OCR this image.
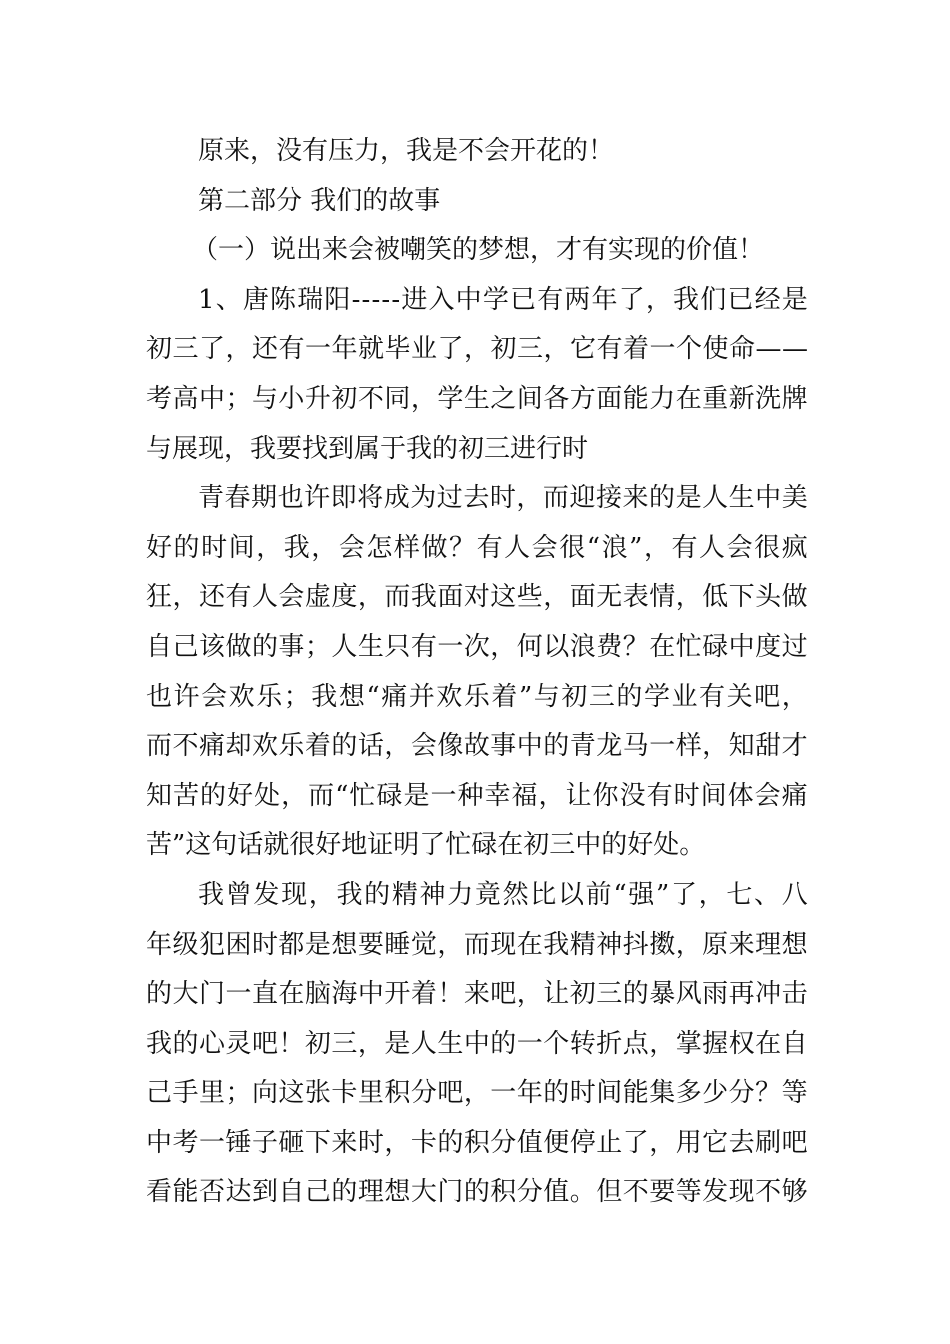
原来，没有压力，我是不会开花的！
第二部分 我们的故事
（一）说出来会被嘲笑的梦想，才有实现的价值！
1 、 唐 陈 瑞 阳 - - - - - 进 入 中 学 已 有 两 年 了 ， 我 们 已 经 是
初 三 了 ， 还 有 一 年 就 毕 业 了 ， 初 三 ， 它 有 着 一 个 使 命 — —
考 高 中 ； 与 小 升 初 不 同 ， 学 生 之 间 各 方 面 能 力 在 重 新 洗 牌
与展现，我要找到属于我的初三进行时
青 春 期 也 许 即 将 成 为 过 去 时 ， 而 迎 接 来 的 是 人 生 中 美
好 的 时 间 ， 我 ， 会 怎 样 做 ？ 有 人 会 很 “ 浪 ” ， 有 人 会 很 疯
狂 ， 还 有 人 会 虚 度 ， 而 我 面 对 这 些 ， 面 无 表 情 ， 低 下 头 做
自 己 该 做 的 事 ； 人 生 只 有 一 次 ， 何 以 浪 费 ？ 在 忙 碌 中 度 过
也 许 会 欢 乐 ； 我 想 “ 痛 并 欢 乐 着 ” 与 初 三 的 学 业 有 关 吧 ，
而 不 痛 却 欢 乐 着 的 话 ， 会 像 故 事 中 的 青 龙 马 一 样 ， 知 甜 才
知 苦 的 好 处 ， 而 “ 忙 碌 是 一 种 幸 福 ， 让 你 没 有 时 间 体 会 痛
苦”这句话就很好地证明了忙碌在初三中的好处。
我 曾 发 现 ， 我 的 精 神 力 竟 然 比 以 前 “ 强 ” 了 ， 七 、 八
年 级 犯 困 时 都 是 想 要 睡 觉 ， 而 现 在 我 精 神 抖 擞 ， 原 来 理 想
的 大 门 一 直 在 脑 海 中 开 着 ！ 来 吧 ， 让 初 三 的 暴 风 雨 再 冲 击
我 的 心 灵 吧 ！ 初 三 ， 是 人 生 中 的 一 个 转 折 点 ， 掌 握 权 在 自
己 手 里 ； 向 这 张 卡 里 积 分 吧 ， 一 年 的 时 间 能 集 多 少 分 ？ 等
中 考 一 锤 子 砸 下 来 时 ， 卡 的 积 分 值 便 停 止 了 ， 用 它 去 刷 吧
看 能 否 达 到 自 己 的 理 想 大 门 的 积 分 值 。 但 不 要 等 发 现 不 够
